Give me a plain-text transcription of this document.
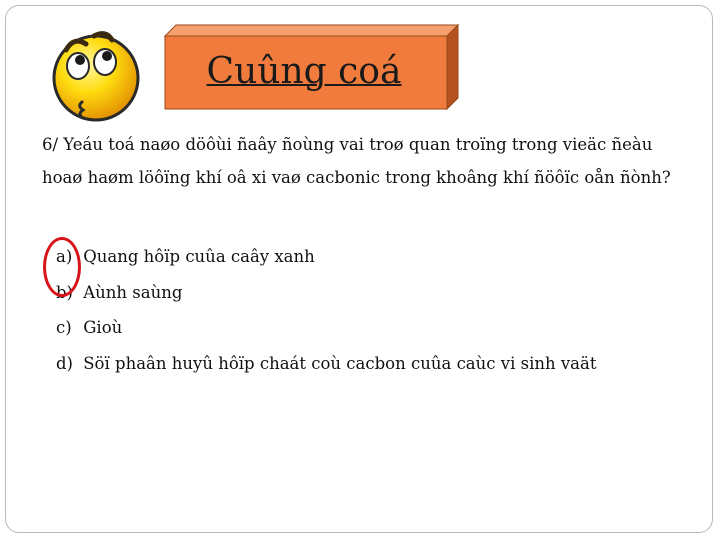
Cuûng coá

6/ Yeáu toá naøo döôùi ñaây ñoùng vai troø quan troïng trong vieäc ñeàu hoaø haøm löôïng khí oâ xi vaø cacbonic trong khoâng khí ñöôïc oån ñònh?

a) Quang hôïp cuûa caây xanh
b) Aùnh saùng
c) Gioù
d) Söï phaân huyû hôïp chaát coù cacbon cuûa caùc vi sinh vaät
